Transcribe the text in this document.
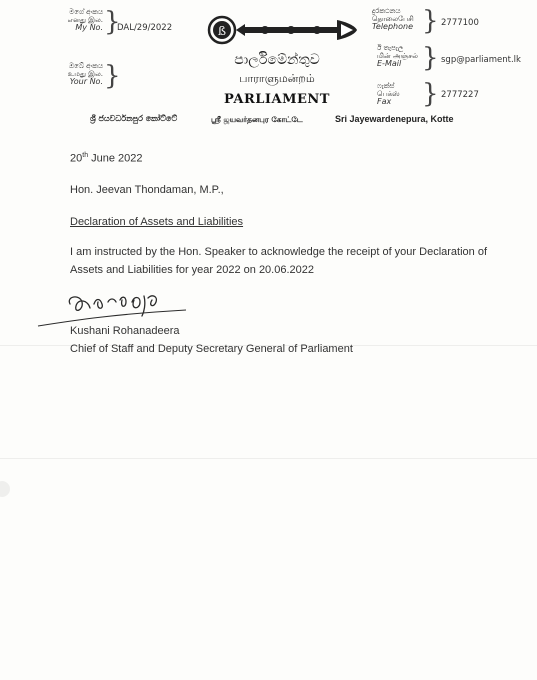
මගේ අංකය
எனது இல.
My No. }
DAL/29/2022
ඔබේ අංකය
உமது இல.
Your No. }
ß
පාර්ලිමේන්තුව
பாராளுமன்றம்
PARLIAMENT
දුරකථනය
தொலைபேசி
Telephone } 2777100
ඊ තැපැල
மின் அஞ்சல்
E-Mail } sgp@parliament.lk
ෆැක්ස්
பெக்ஸ்
Fax	} 2777227
ශ්‍රී ජයවර්ධනපුර කෝට්ටේ	ஸ்ரீ ஜயவர்தனபுர கோட்டே	Sri Jayewardenepura, Kotte
20th June 2022
Hon. Jeevan Thondaman, M.P.,
Declaration of Assets and Liabilities
I am instructed by the Hon. Speaker to acknowledge the receipt of your Declaration of
Assets and Liabilities for year 2022 on 20.06.2022
Kushani Rohanadeera
Chief of Staff and Deputy Secretary General of Parliament
